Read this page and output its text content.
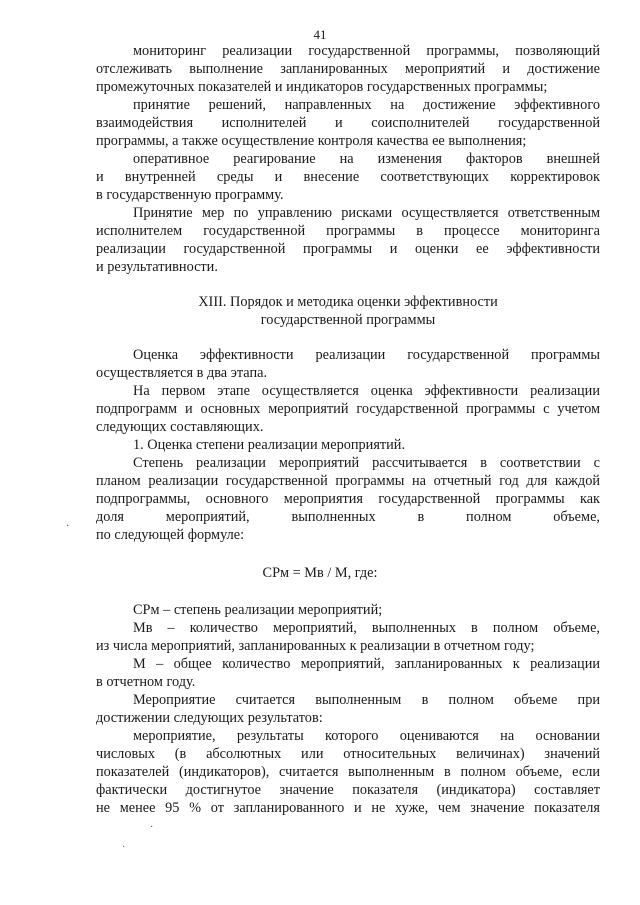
41
мониторинг реализации государственной программы, позволяющий
отслеживать выполнение запланированных мероприятий и достижение
промежуточных показателей и индикаторов государственных программы;
принятие решений, направленных на достижение эффективного
взаимодействия исполнителей и соисполнителей государственной
программы, а также осуществление контроля качества ее выполнения;
оперативное реагирование на изменения факторов внешней
и внутренней среды и внесение соответствующих корректировок
в государственную программу.
Принятие мер по управлению рисками осуществляется ответственным
исполнителем государственной программы в процессе мониторинга
реализации государственной программы и оценки ее эффективности
и результативности.
XIII. Порядок и методика оценки эффективности
государственной программы
Оценка эффективности реализации государственной программы
осуществляется в два этапа.
На первом этапе осуществляется оценка эффективности реализации
подпрограмм и основных мероприятий государственной программы с учетом
следующих составляющих.
1. Оценка степени реализации мероприятий.
Степень реализации мероприятий рассчитывается в соответствии с
планом реализации государственной программы на отчетный год для каждой
подпрограммы, основного мероприятия государственной программы как
доля мероприятий, выполненных в полном объеме,
по следующей формуле:
СРм = Мв / М, где:
СРм – степень реализации мероприятий;
Мв – количество мероприятий, выполненных в полном объеме,
из числа мероприятий, запланированных к реализации в отчетном году;
М – общее количество мероприятий, запланированных к реализации
в отчетном году.
Мероприятие считается выполненным в полном объеме при
достижении следующих результатов:
мероприятие, результаты которого оцениваются на основании
числовых (в абсолютных или относительных величинах) значений
показателей (индикаторов), считается выполненным в полном объеме, если
фактически достигнутое значение показателя (индикатора) составляет
не менее 95 % от запланированного и не хуже, чем значение показателя
·
·
·
